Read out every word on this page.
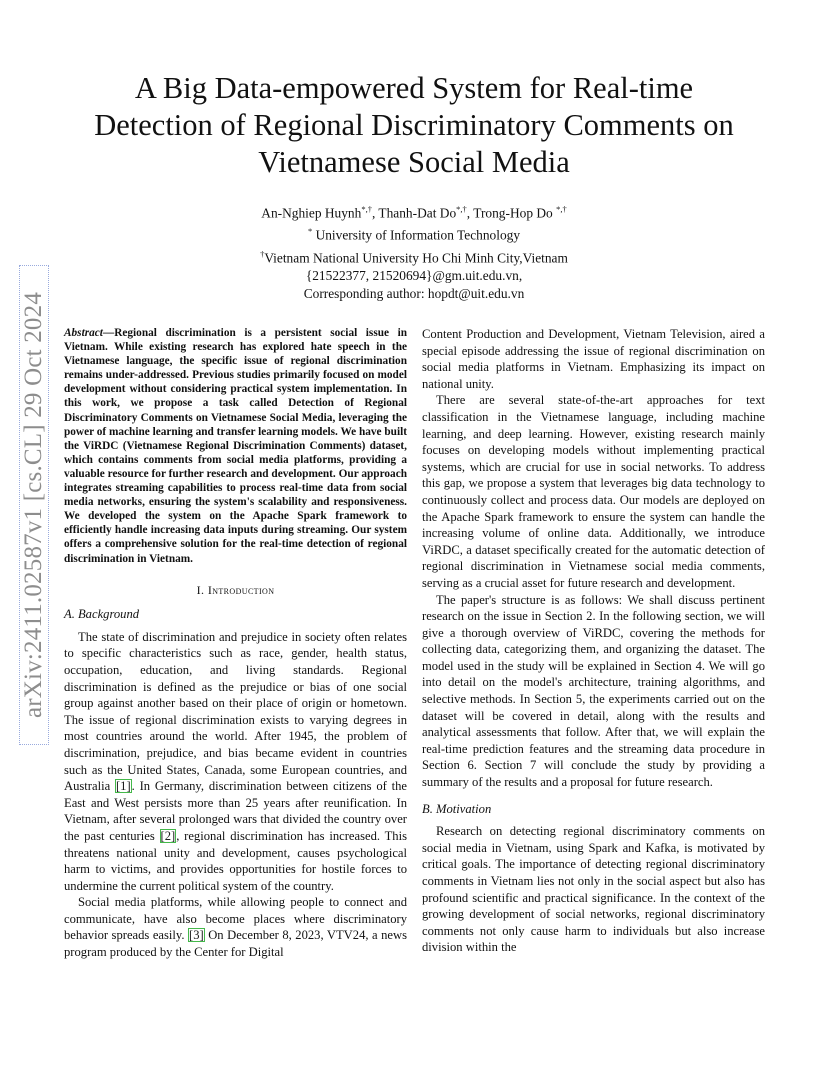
arXiv:2411.02587v1 [cs.CL] 29 Oct 2024
A Big Data-empowered System for Real-time
Detection of Regional Discriminatory Comments on
Vietnamese Social Media
An-Nghiep Huynh*,†, Thanh-Dat Do*,†, Trong-Hop Do *,†
* University of Information Technology
†Vietnam National University Ho Chi Minh City,Vietnam
{21522377, 21520694}@gm.uit.edu.vn,
Corresponding author: hopdt@uit.edu.vn

Abstract—Regional discrimination is a persistent social issue in Vietnam. While existing research has explored hate speech in the Vietnamese language, the specific issue of regional discrimination remains under-addressed. Previous studies primarily focused on model development without considering practical system implementation. In this work, we propose a task called Detection of Regional Discriminatory Comments on Vietnamese Social Media, leveraging the power of machine learning and transfer learning models. We have built the ViRDC (Vietnamese Regional Discrimination Comments) dataset, which contains comments from social media platforms, providing a valuable resource for further research and development. Our approach integrates streaming capabilities to process real-time data from social media networks, ensuring the system's scalability and responsiveness. We developed the system on the Apache Spark framework to efficiently handle increasing data inputs during streaming. Our system offers a comprehensive solution for the real-time detection of regional discrimination in Vietnam.

I. Introduction
A. Background

The state of discrimination and prejudice in society often relates to specific characteristics such as race, gender, health status, occupation, education, and living standards. Regional discrimination is defined as the prejudice or bias of one social group against another based on their place of origin or hometown. The issue of regional discrimination exists to varying degrees in most countries around the world. After 1945, the problem of discrimination, prejudice, and bias became evident in countries such as the United States, Canada, some European countries, and Australia [1]. In Germany, discrimination between citizens of the East and West persists more than 25 years after reunification. In Vietnam, after several prolonged wars that divided the country over the past centuries [2], regional discrimination has increased. This threatens national unity and development, causes psychological harm to victims, and provides opportunities for hostile forces to undermine the current political system of the country.

Social media platforms, while allowing people to connect and communicate, have also become places where discriminatory behavior spreads easily. [3] On December 8, 2023, VTV24, a news program produced by the Center for Digital

Content Production and Development, Vietnam Television, aired a special episode addressing the issue of regional discrimination on social media platforms in Vietnam. Emphasizing its impact on national unity.

There are several state-of-the-art approaches for text classification in the Vietnamese language, including machine learning, and deep learning. However, existing research mainly focuses on developing models without implementing practical systems, which are crucial for use in social networks. To address this gap, we propose a system that leverages big data technology to continuously collect and process data. Our models are deployed on the Apache Spark framework to ensure the system can handle the increasing volume of online data. Additionally, we introduce ViRDC, a dataset specifically created for the automatic detection of regional discrimination in Vietnamese social media comments, serving as a crucial asset for future research and development.

The paper's structure is as follows: We shall discuss pertinent research on the issue in Section 2. In the following section, we will give a thorough overview of ViRDC, covering the methods for collecting data, categorizing them, and organizing the dataset. The model used in the study will be explained in Section 4. We will go into detail on the model's architecture, training algorithms, and selective methods. In Section 5, the experiments carried out on the dataset will be covered in detail, along with the results and analytical assessments that follow. After that, we will explain the real-time prediction features and the streaming data procedure in Section 6. Section 7 will conclude the study by providing a summary of the results and a proposal for future research.

B. Motivation

Research on detecting regional discriminatory comments on social media in Vietnam, using Spark and Kafka, is motivated by critical goals. The importance of detecting regional discriminatory comments in Vietnam lies not only in the social aspect but also has profound scientific and practical significance. In the context of the growing development of social networks, regional discriminatory comments not only cause harm to individuals but also increase division within the
